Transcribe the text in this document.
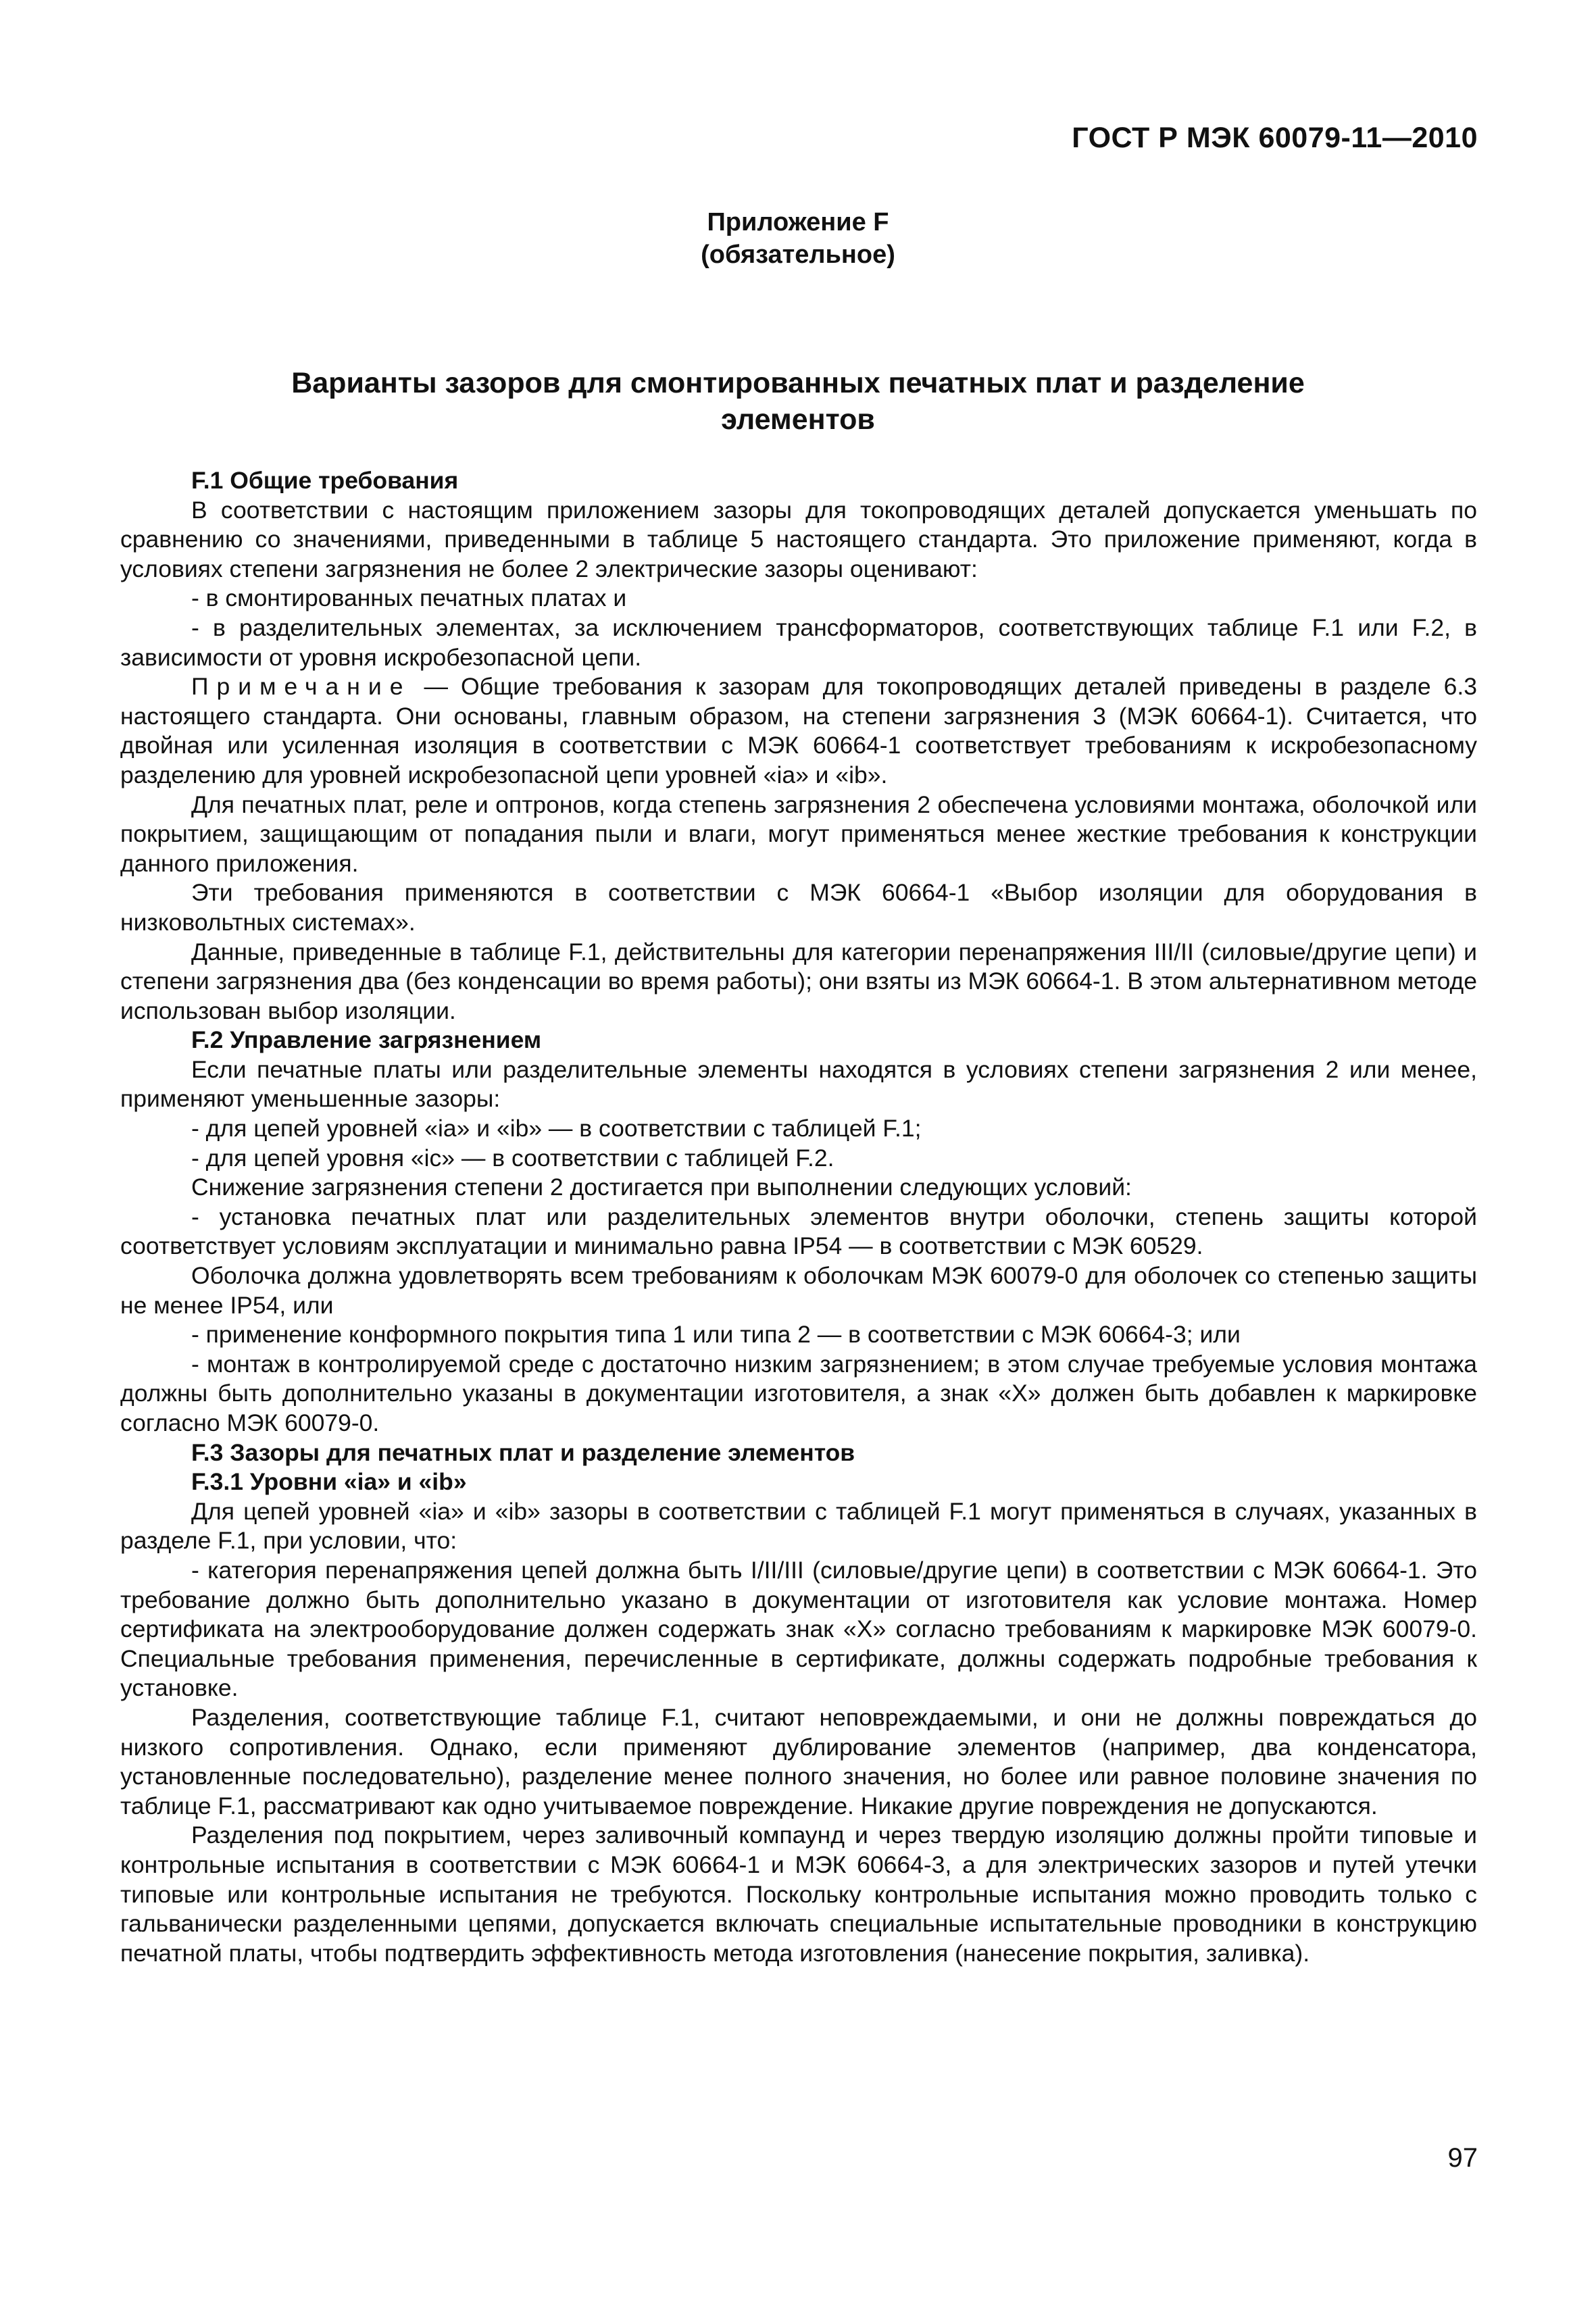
ГОСТ Р МЭК 60079-11—2010
Приложение F
(обязательное)
Варианты зазоров для смонтированных печатных плат и разделение
элементов

F.1 Общие требования

В соответствии с настоящим приложением зазоры для токопроводящих деталей допускается уменьшать по сравнению со значениями, приведенными в таблице 5 настоящего стандарта. Это приложение применяют, когда в условиях степени загрязнения не более 2 электрические зазоры оценивают:

- в смонтированных печатных платах и

- в разделительных элементах, за исключением трансформаторов, соответствующих таблице F.1 или F.2, в зависимости от уровня искробезопасной цепи.

Примечание — Общие требования к зазорам для токопроводящих деталей приведены в разделе 6.3 настоящего стандарта. Они основаны, главным образом, на степени загрязнения 3 (МЭК 60664-1). Считается, что двойная или усиленная изоляция в соответствии с МЭК 60664-1 соответствует требованиям к искробезопасному разделению для уровней искробезопасной цепи уровней «ia» и «ib».

Для печатных плат, реле и оптронов, когда степень загрязнения 2 обеспечена условиями монтажа, оболочкой или покрытием, защищающим от попадания пыли и влаги, могут применяться менее жесткие требования к конструкции данного приложения.

Эти требования применяются в соответствии с МЭК 60664-1 «Выбор изоляции для оборудования в низковольтных системах».

Данные, приведенные в таблице F.1, действительны для категории перенапряжения III/II (силовые/другие цепи) и степени загрязнения два (без конденсации во время работы); они взяты из МЭК 60664-1. В этом альтернативном методе использован выбор изоляции.

F.2 Управление загрязнением

Если печатные платы или разделительные элементы находятся в условиях степени загрязнения 2 или менее, применяют уменьшенные зазоры:

- для цепей уровней «ia» и «ib» — в соответствии с таблицей F.1;

- для цепей уровня «ic» — в соответствии с таблицей F.2.

Снижение загрязнения степени 2 достигается при выполнении следующих условий:

- установка печатных плат или разделительных элементов внутри оболочки, степень защиты которой соответствует условиям эксплуатации и минимально равна IP54 — в соответствии с МЭК 60529.

Оболочка должна удовлетворять всем требованиям к оболочкам МЭК 60079-0 для оболочек со степенью защиты не менее IP54, или

- применение конформного покрытия типа 1 или типа 2 — в соответствии с МЭК 60664-3; или

- монтаж в контролируемой среде с достаточно низким загрязнением; в этом случае требуемые условия монтажа должны быть дополнительно указаны в документации изготовителя, а знак «X» должен быть добавлен к маркировке согласно МЭК 60079-0.

F.3 Зазоры для печатных плат и разделение элементов

F.3.1 Уровни «ia» и «ib»

Для цепей уровней «ia» и «ib» зазоры в соответствии с таблицей F.1 могут применяться в случаях, указанных в разделе F.1, при условии, что:

- категория перенапряжения цепей должна быть I/II/III (силовые/другие цепи) в соответствии с МЭК 60664-1. Это требование должно быть дополнительно указано в документации от изготовителя как условие монтажа. Номер сертификата на электрооборудование должен содержать знак «X» согласно требованиям к маркировке МЭК 60079-0. Специальные требования применения, перечисленные в сертификате, должны содержать подробные требования к установке.

Разделения, соответствующие таблице F.1, считают неповреждаемыми, и они не должны повреждаться до низкого сопротивления. Однако, если применяют дублирование элементов (например, два конденсатора, установленные последовательно), разделение менее полного значения, но более или равное половине значения по таблице F.1, рассматривают как одно учитываемое повреждение. Никакие другие повреждения не допускаются.

Разделения под покрытием, через заливочный компаунд и через твердую изоляцию должны пройти типовые и контрольные испытания в соответствии с МЭК 60664-1 и МЭК 60664-3, а для электрических зазоров и путей утечки типовые или контрольные испытания не требуются. Поскольку контрольные испытания можно проводить только с гальванически разделенными цепями, допускается включать специальные испытательные проводники в конструкцию печатной платы, чтобы подтвердить эффективность метода изготовления (нанесение покрытия, заливка).

97
